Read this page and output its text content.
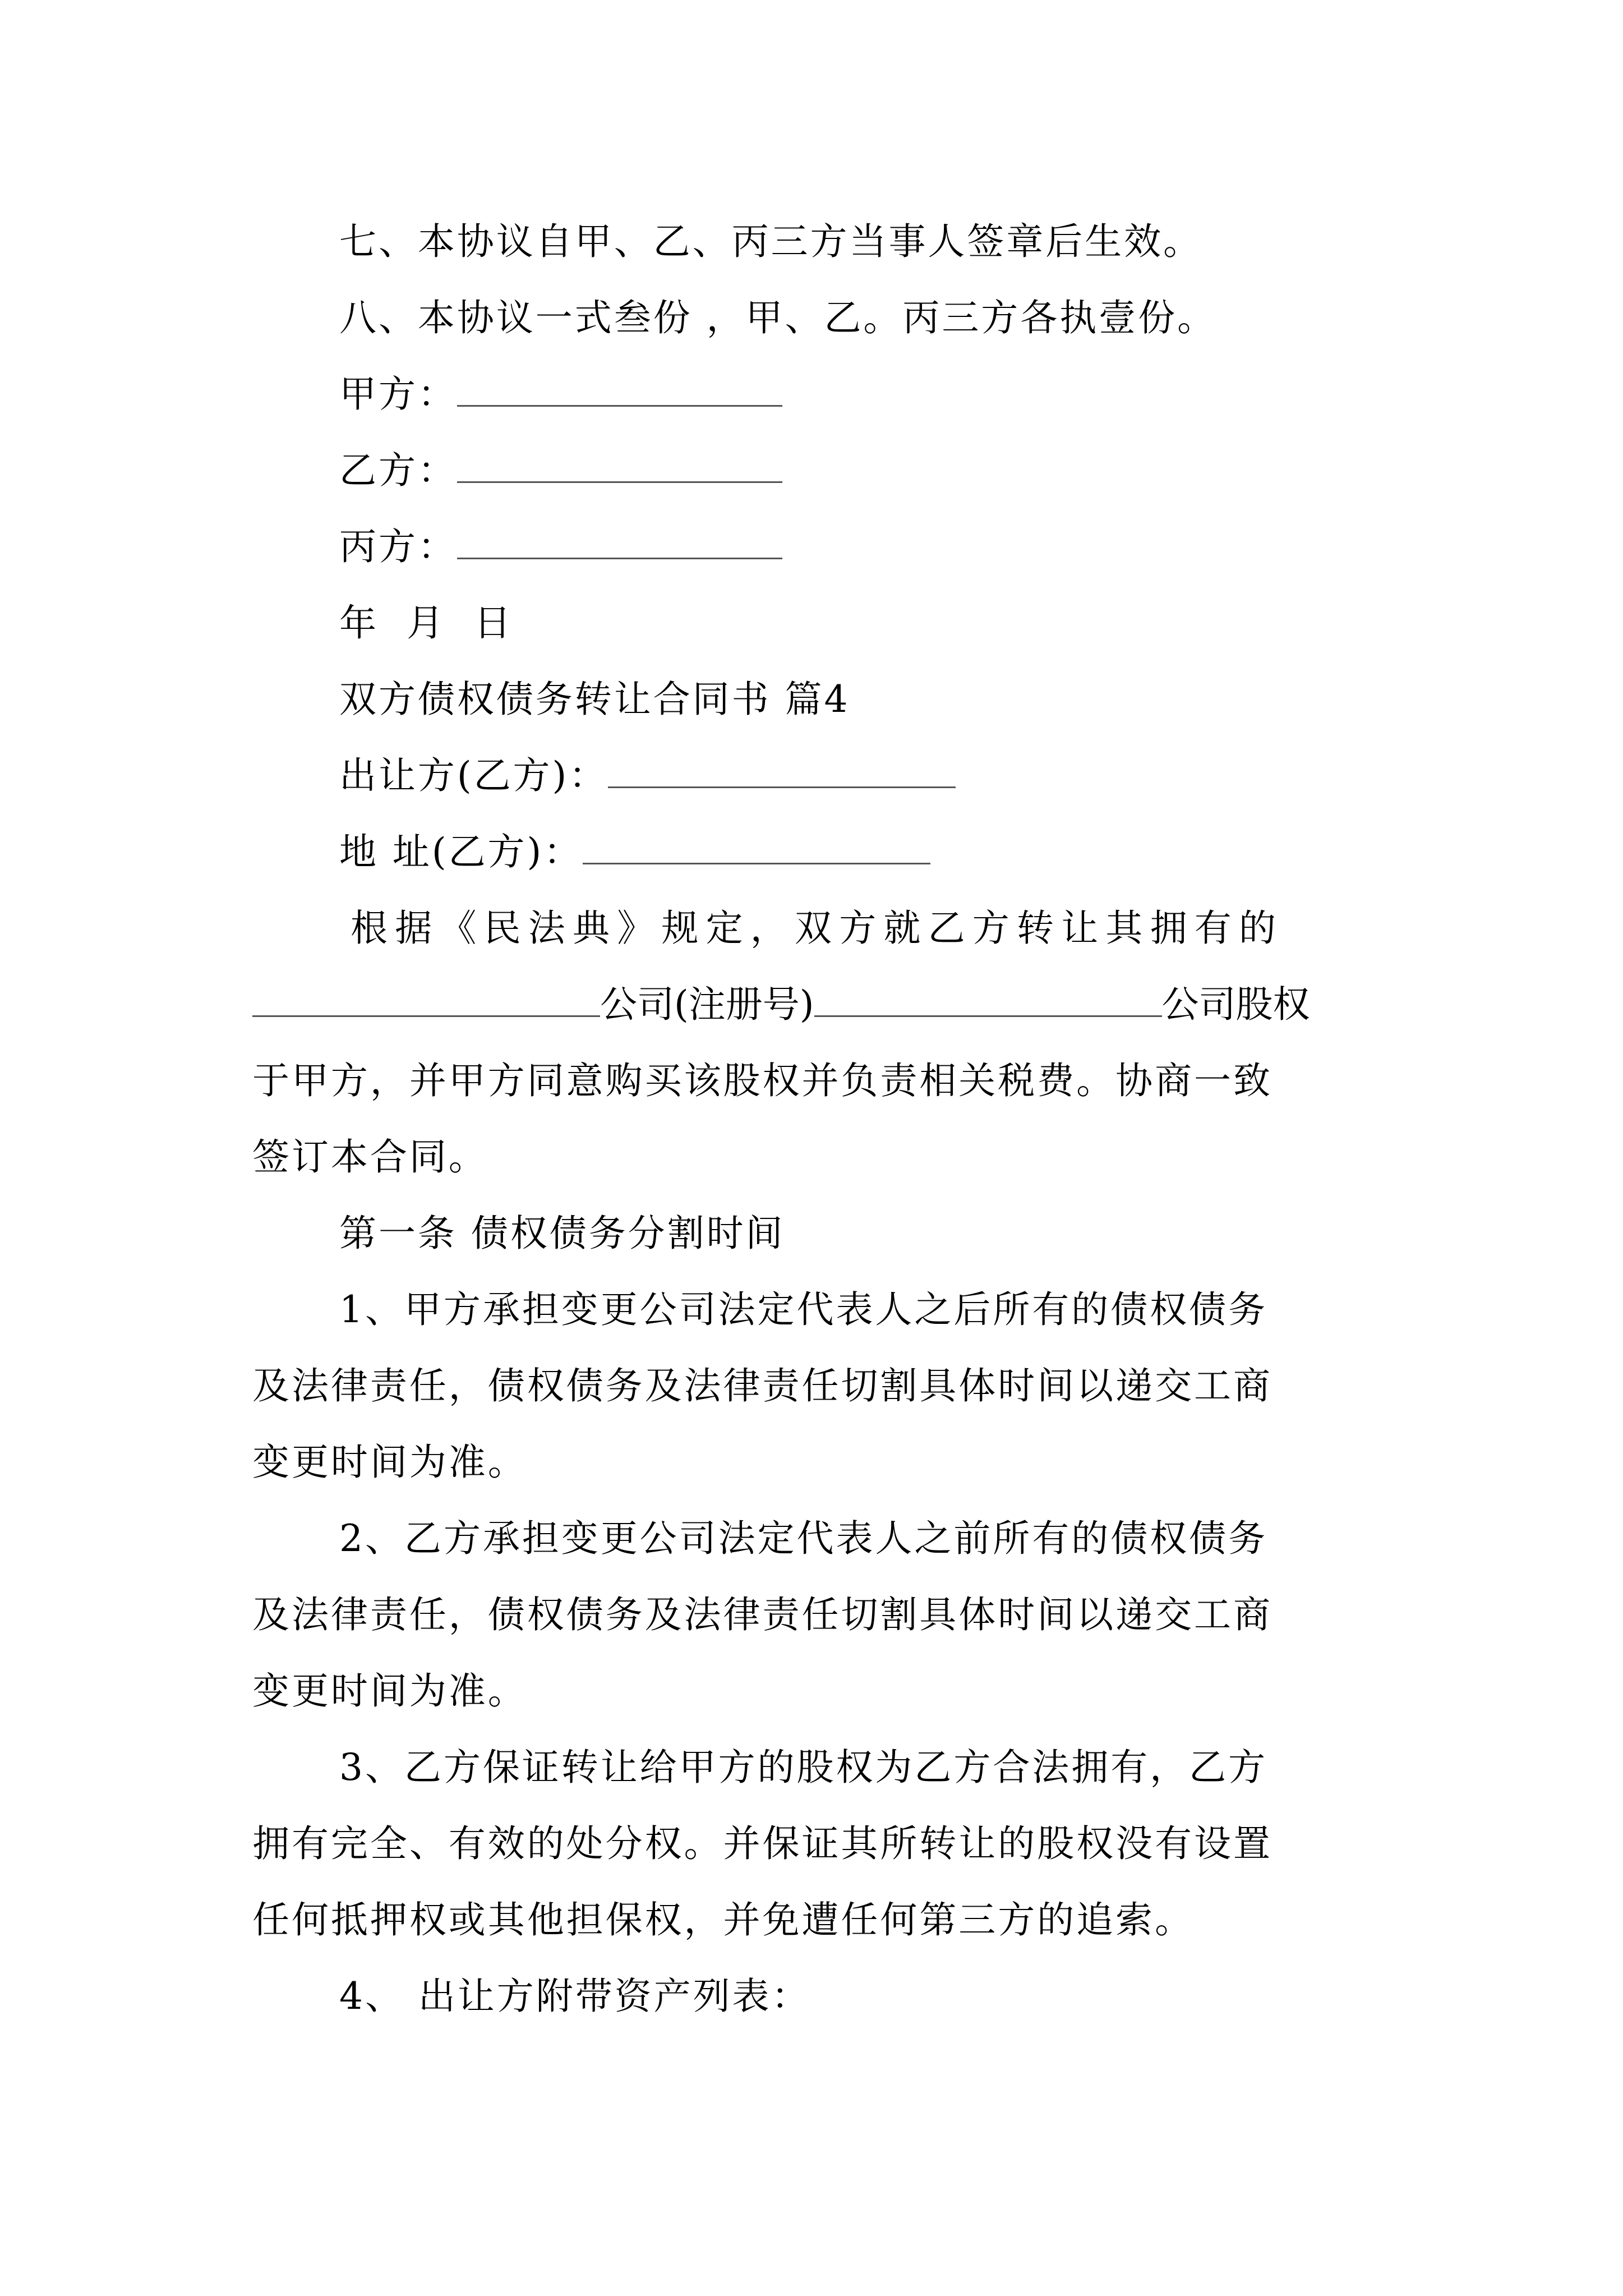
七、本协议自甲、乙、丙三方当事人签章后生效。
八、本协议一式叁份 ，甲、乙。丙三方各执壹份。
甲方：
乙方：
丙方：
年 月 日
双方债权债务转让合同书 篇4
出让方(乙方)：
地 址(乙方)：
根据《民法典》规定，双方就乙方转让其拥有的
公司(注册号)	公司股权
于甲方，并甲方同意购买该股权并负责相关税费。协商一致
签订本合同。
第一条 债权债务分割时间
1、甲方承担变更公司法定代表人之后所有的债权债务
及法律责任，债权债务及法律责任切割具体时间以递交工商
变更时间为准。
2、乙方承担变更公司法定代表人之前所有的债权债务
及法律责任，债权债务及法律责任切割具体时间以递交工商
变更时间为准。
3、乙方保证转让给甲方的股权为乙方合法拥有，乙方
拥有完全、有效的处分权。并保证其所转让的股权没有设置
任何抵押权或其他担保权，并免遭任何第三方的追索。
4、 出让方附带资产列表：
